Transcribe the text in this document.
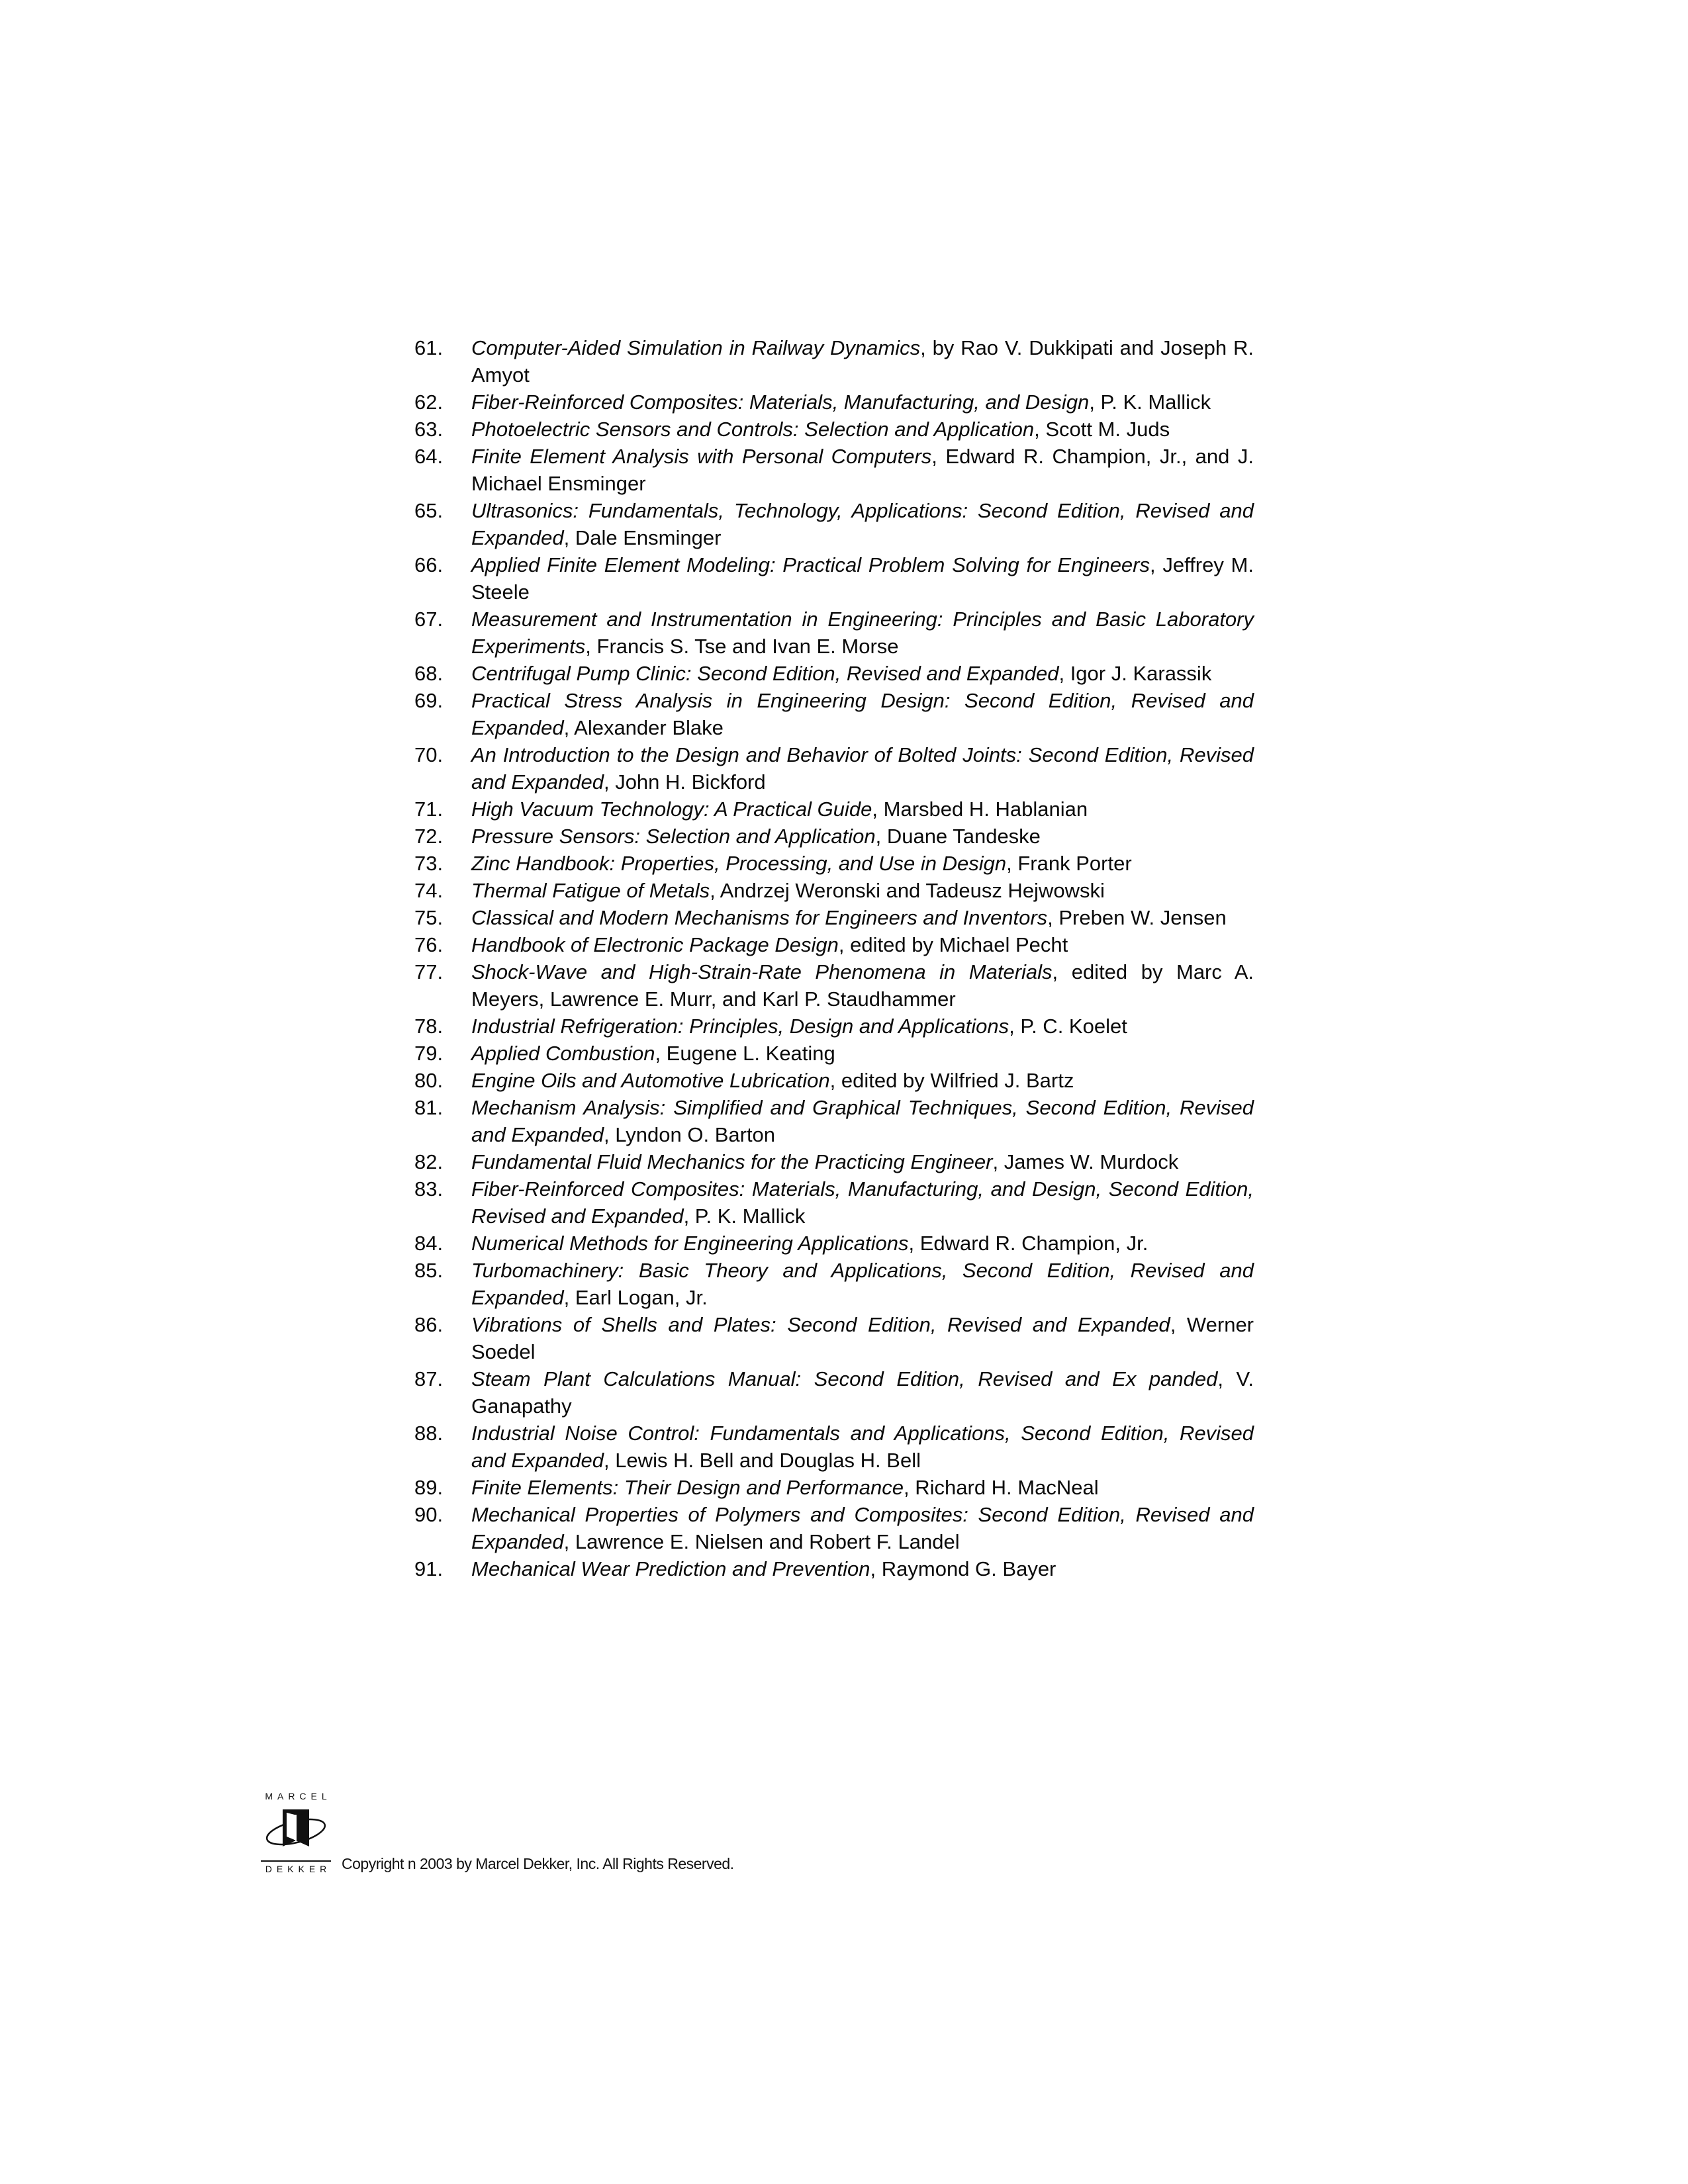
61.	Computer-Aided Simulation in Railway Dynamics, by Rao V. Dukkipati and Joseph R. Amyot
62.	Fiber-Reinforced Composites: Materials, Manufacturing, and Design, P. K. Mallick
63.	Photoelectric Sensors and Controls: Selection and Application, Scott M. Juds
64.	Finite Element Analysis with Personal Computers, Edward R. Champion, Jr., and J. Michael Ensminger
65.	Ultrasonics: Fundamentals, Technology, Applications: Second Edition, Revised and Expanded, Dale Ensminger
66.	Applied Finite Element Modeling: Practical Problem Solving for Engineers, Jeffrey M. Steele
67.	Measurement and Instrumentation in Engineering: Principles and Basic Laboratory Experiments, Francis S. Tse and Ivan E. Morse
68.	Centrifugal Pump Clinic: Second Edition, Revised and Expanded, Igor J. Karassik
69.	Practical Stress Analysis in Engineering Design: Second Edition, Revised and Expanded, Alexander Blake
70.	An Introduction to the Design and Behavior of Bolted Joints: Second Edition, Revised and Expanded, John H. Bickford
71.	High Vacuum Technology: A Practical Guide, Marsbed H. Hablanian
72.	Pressure Sensors: Selection and Application, Duane Tandeske
73.	Zinc Handbook: Properties, Processing, and Use in Design, Frank Porter
74.	Thermal Fatigue of Metals, Andrzej Weronski and Tadeusz Hejwowski
75.	Classical and Modern Mechanisms for Engineers and Inventors, Preben W. Jensen
76.	Handbook of Electronic Package Design, edited by Michael Pecht
77.	Shock-Wave and High-Strain-Rate Phenomena in Materials, edited by Marc A. Meyers, Lawrence E. Murr, and Karl P. Staudhammer
78.	Industrial Refrigeration: Principles, Design and Applications, P. C. Koelet
79.	Applied Combustion, Eugene L. Keating
80.	Engine Oils and Automotive Lubrication, edited by Wilfried J. Bartz
81.	Mechanism Analysis: Simplified and Graphical Techniques, Second Edition, Revised and Expanded, Lyndon O. Barton
82.	Fundamental Fluid Mechanics for the Practicing Engineer, James W. Murdock
83.	Fiber-Reinforced Composites: Materials, Manufacturing, and Design, Second Edition, Revised and Expanded, P. K. Mallick
84.	Numerical Methods for Engineering Applications, Edward R. Champion, Jr.
85.	Turbomachinery: Basic Theory and Applications, Second Edition, Revised and Expanded, Earl Logan, Jr.
86.	Vibrations of Shells and Plates: Second Edition, Revised and Expanded, Werner Soedel
87.	Steam Plant Calculations Manual: Second Edition, Revised and Ex panded, V. Ganapathy
88.	Industrial Noise Control: Fundamentals and Applications, Second Edition, Revised and Expanded, Lewis H. Bell and Douglas H. Bell
89.	Finite Elements: Their Design and Performance, Richard H. MacNeal
90.	Mechanical Properties of Polymers and Composites: Second Edition, Revised and Expanded, Lawrence E. Nielsen and Robert F. Landel
91.	Mechanical Wear Prediction and Prevention, Raymond G. Bayer
MARCEL
DEKKER Copyright n 2003 by Marcel Dekker, Inc. All Rights Reserved.
